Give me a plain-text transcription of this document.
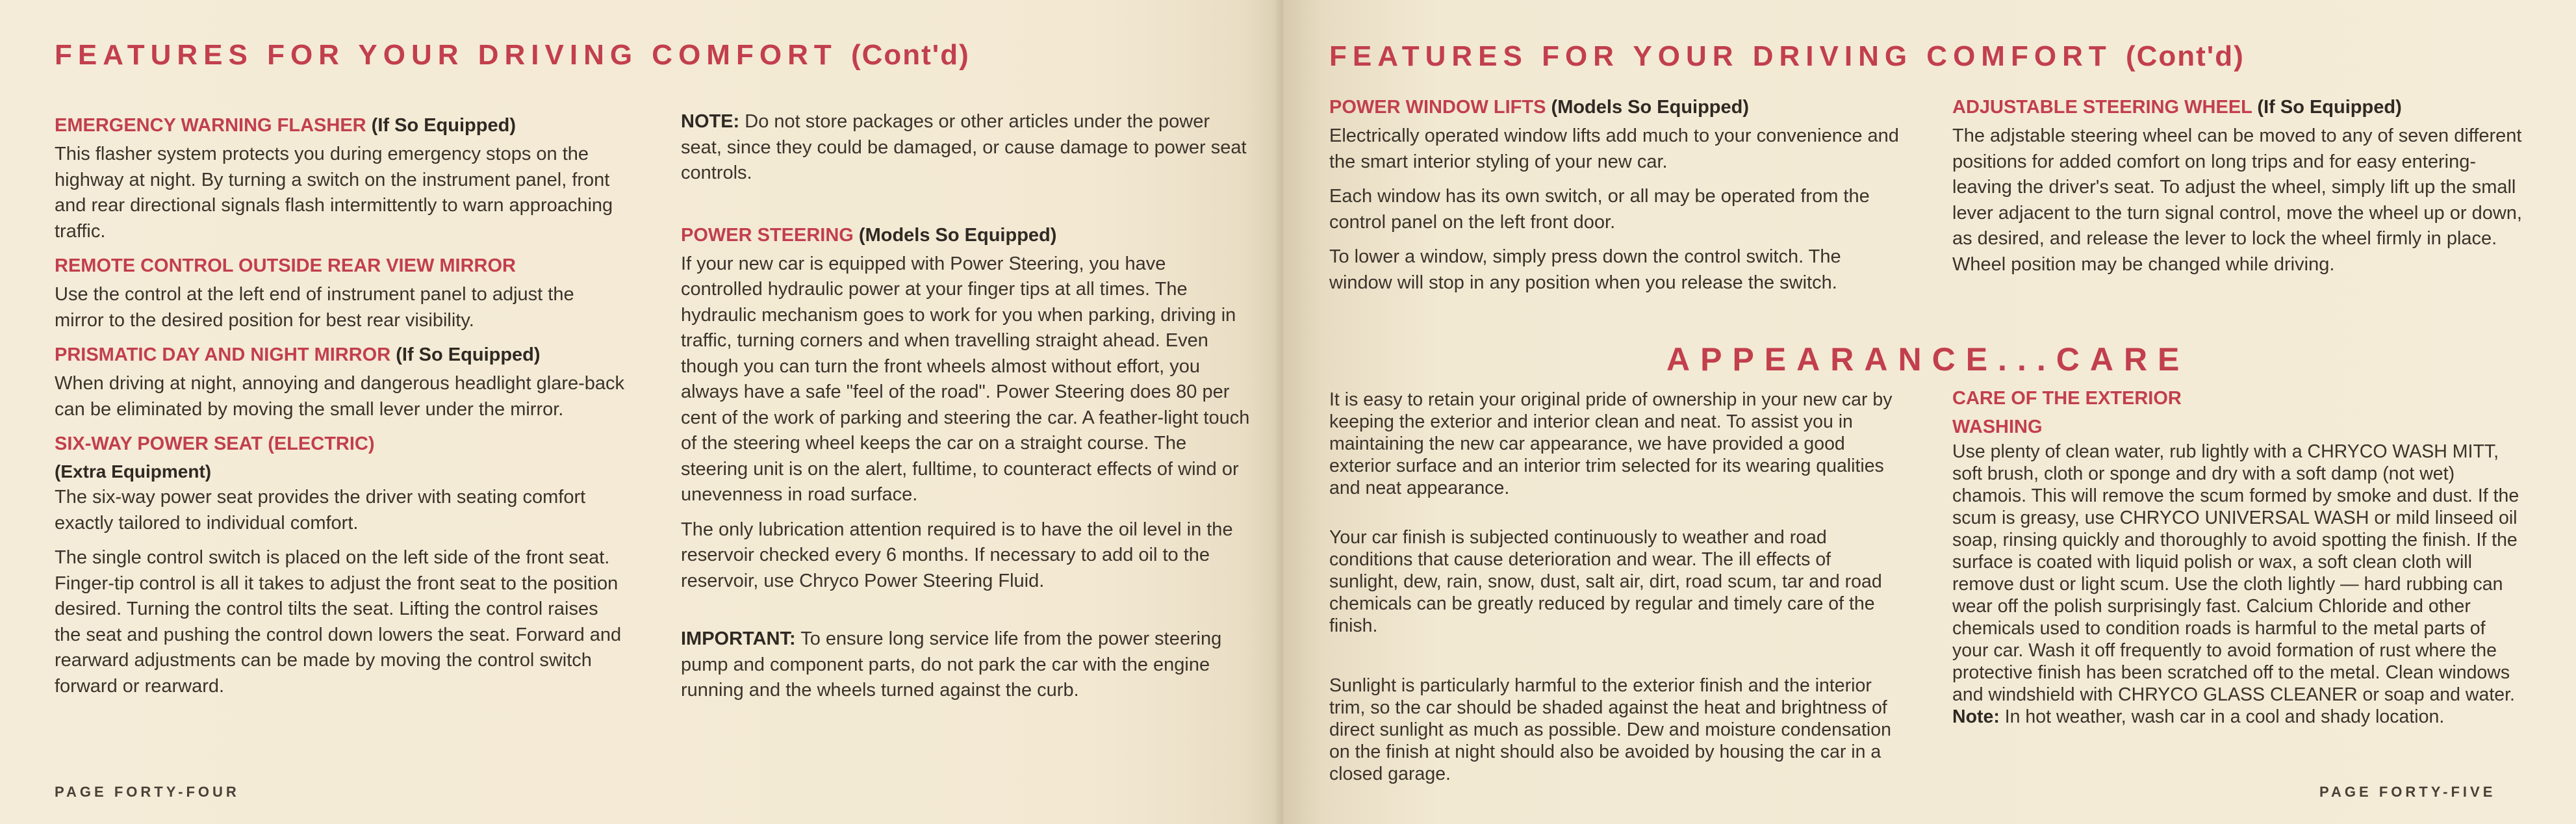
FEATURES FOR YOUR DRIVING COMFORT (Cont'd)

EMERGENCY WARNING FLASHER (If So Equipped)

This flasher system protects you during emergency stops on the highway at night. By turning a switch on the instrument panel, front and rear directional signals flash intermittently to warn approaching traffic.

REMOTE CONTROL OUTSIDE REAR VIEW MIRROR

Use the control at the left end of instrument panel to adjust the mirror to the desired position for best rear visibility.

PRISMATIC DAY AND NIGHT MIRROR (If So Equipped)

When driving at night, annoying and dangerous headlight glare-back can be eliminated by moving the small lever under the mirror.

SIX-WAY POWER SEAT (ELECTRIC)

(Extra Equipment)

The six-way power seat provides the driver with seating comfort exactly tailored to individual comfort.

The single control switch is placed on the left side of the front seat. Finger-tip control is all it takes to adjust the front seat to the position desired. Turning the control tilts the seat. Lifting the control raises the seat and pushing the control down lowers the seat. Forward and rearward adjustments can be made by moving the control switch forward or rearward.

NOTE: Do not store packages or other articles under the power seat, since they could be damaged, or cause damage to power seat controls.

POWER STEERING (Models So Equipped)

If your new car is equipped with Power Steering, you have controlled hydraulic power at your finger tips at all times. The hydraulic mechanism goes to work for you when parking, driving in traffic, turning corners and when travelling straight ahead. Even though you can turn the front wheels almost without effort, you always have a safe "feel of the road". Power Steering does 80 per cent of the work of parking and steering the car. A feather-light touch of the steering wheel keeps the car on a straight course. The steering unit is on the alert, fulltime, to counteract effects of wind or unevenness in road surface.

The only lubrication attention required is to have the oil level in the reservoir checked every 6 months. If necessary to add oil to the reservoir, use Chryco Power Steering Fluid.

IMPORTANT: To ensure long service life from the power steering pump and component parts, do not park the car with the engine running and the wheels turned against the curb.

PAGE FORTY-FOUR

FEATURES FOR YOUR DRIVING COMFORT (Cont'd)

POWER WINDOW LIFTS (Models So Equipped)

Electrically operated window lifts add much to your convenience and the smart interior styling of your new car.

Each window has its own switch, or all may be operated from the control panel on the left front door.

To lower a window, simply press down the control switch. The window will stop in any position when you release the switch.

ADJUSTABLE STEERING WHEEL (If So Equipped)

The adjstable steering wheel can be moved to any of seven different positions for added comfort on long trips and for easy entering-leaving the driver's seat. To adjust the wheel, simply lift up the small lever adjacent to the turn signal control, move the wheel up or down, as desired, and release the lever to lock the wheel firmly in place. Wheel position may be changed while driving.

APPEARANCE...CARE

It is easy to retain your original pride of ownership in your new car by keeping the exterior and interior clean and neat. To assist you in maintaining the new car appearance, we have provided a good exterior surface and an interior trim selected for its wearing qualities and neat appearance.

Your car finish is subjected continuously to weather and road conditions that cause deterioration and wear. The ill effects of sunlight, dew, rain, snow, dust, salt air, dirt, road scum, tar and road chemicals can be greatly reduced by regular and timely care of the finish.

Sunlight is particularly harmful to the exterior finish and the interior trim, so the car should be shaded against the heat and brightness of direct sunlight as much as possible. Dew and moisture condensation on the finish at night should also be avoided by housing the car in a closed garage.

CARE OF THE EXTERIOR

WASHING

Use plenty of clean water, rub lightly with a CHRYCO WASH MITT, soft brush, cloth or sponge and dry with a soft damp (not wet) chamois. This will remove the scum formed by smoke and dust. If the scum is greasy, use CHRYCO UNIVERSAL WASH or mild linseed oil soap, rinsing quickly and thoroughly to avoid spotting the finish. If the surface is coated with liquid polish or wax, a soft clean cloth will remove dust or light scum. Use the cloth lightly — hard rubbing can wear off the polish surprisingly fast. Calcium Chloride and other chemicals used to condition roads is harmful to the metal parts of your car. Wash it off frequently to avoid formation of rust where the protective finish has been scratched off to the metal. Clean windows and windshield with CHRYCO GLASS CLEANER or soap and water.

Note: In hot weather, wash car in a cool and shady location.

PAGE FORTY-FIVE
